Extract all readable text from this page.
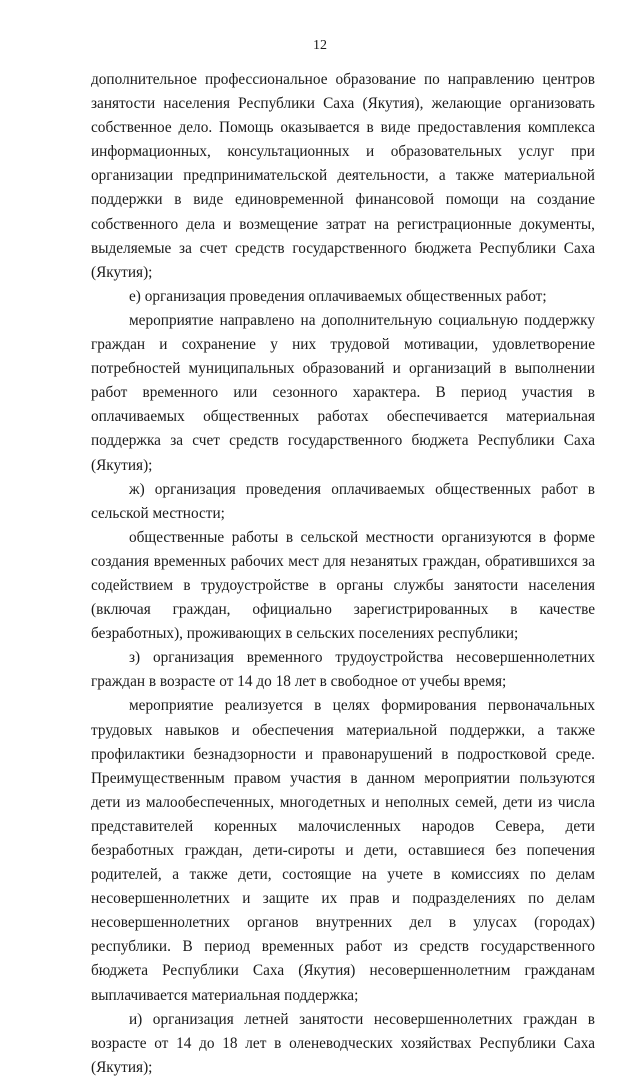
12

дополнительное профессиональное образование по направлению центров занятости населения Республики Саха (Якутия), желающие организовать собственное дело. Помощь оказывается в виде предоставления комплекса информационных, консультационных и образовательных услуг при организации предпринимательской деятельности, а также материальной поддержки в виде единовременной финансовой помощи на создание собственного дела и возмещение затрат на регистрационные документы, выделяемые за счет средств государственного бюджета Республики Саха (Якутия);

е) организация проведения оплачиваемых общественных работ;

мероприятие направлено на дополнительную социальную поддержку граждан и сохранение у них трудовой мотивации, удовлетворение потребностей муниципальных образований и организаций в выполнении работ временного или сезонного характера. В период участия в оплачиваемых общественных работах обеспечивается материальная поддержка за счет средств государственного бюджета Республики Саха (Якутия);

ж) организация проведения оплачиваемых общественных работ в сельской местности;

общественные работы в сельской местности организуются в форме создания временных рабочих мест для незанятых граждан, обратившихся за содействием в трудоустройстве в органы службы занятости населения (включая граждан, официально зарегистрированных в качестве безработных), проживающих в сельских поселениях республики;

з) организация временного трудоустройства несовершеннолетних граждан в возрасте от 14 до 18 лет в свободное от учебы время;

мероприятие реализуется в целях формирования первоначальных трудовых навыков и обеспечения материальной поддержки, а также профилактики безнадзорности и правонарушений в подростковой среде. Преимущественным правом участия в данном мероприятии пользуются дети из малообеспеченных, многодетных и неполных семей, дети из числа представителей коренных малочисленных народов Севера, дети безработных граждан, дети-сироты и дети, оставшиеся без попечения родителей, а также дети, состоящие на учете в комиссиях по делам несовершеннолетних и защите их прав и подразделениях по делам несовершеннолетних органов внутренних дел в улусах (городах) республики. В период временных работ из средств государственного бюджета Республики Саха (Якутия) несовершеннолетним гражданам выплачивается материальная поддержка;

и) организация летней занятости несовершеннолетних граждан в возрасте от 14 до 18 лет в оленеводческих хозяйствах Республики Саха (Якутия);
